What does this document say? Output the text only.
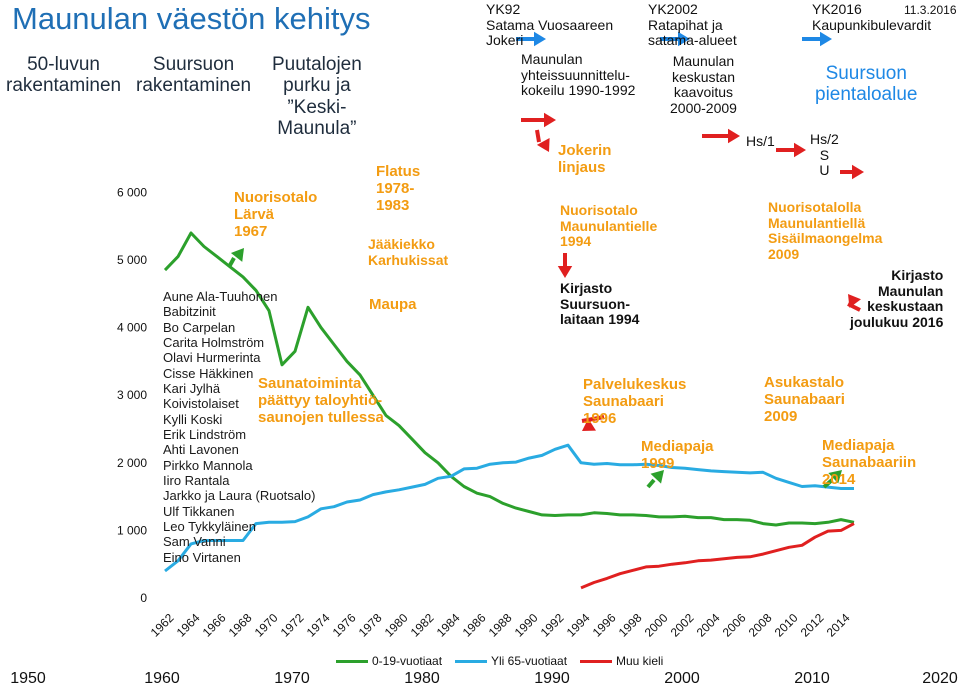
Maunulan väestön kehitys	11.3.2016
50-luvun
rakentaminen
Suursuon
rakentaminen
Puutalojen
purku ja
”Keski-
Maunula”
0
1 000
2 000
3 000
4 000
5 000
6 000
1962
1964
1966
1968
1970
1972
1974
1976
1978
1980
1982
1984
1986
1988
1990
1992
1994
1996
1998
2000
2002
2004
2006
2008
2010
2012
2014
Aune Ala-Tuuhonen
Babitzinit
Bo Carpelan
Carita Holmström
Olavi Hurmerinta
Cisse Häkkinen
Kari Jylhä
Koivistolaiset
Kylli Koski
Erik Lindström
Ahti Lavonen
Pirkko Mannola
Iiro Rantala
Jarkko ja Laura (Ruotsalo)
Ulf Tikkanen
Leo Tykkyläinen
Sam Vanni
Eino Virtanen
Nuorisotalo
Lärvä
1967
Saunatoiminta
päättyy taloyhtiö-
saunojen tullessa
Flatus
1978-
1983
Jääkiekko
Karhukissat
Maupa
Jokerin
linjaus
Nuorisotalo
Maunulantielle
1994
Palvelukeskus
Saunabaari
1996
Mediapaja
1999
Nuorisotalolla
Maunulantiellä
Sisäilmaongelma
2009
Asukastalo
Saunabaari
2009
Mediapaja
Saunabaariin
2014
YK92
Satama Vuosaareen
Jokeri
Maunulan
yhteissuunnittelu-
kokeilu 1990-1992
YK2002
Ratapihat ja
satama-alueet
Maunulan
keskustan
kaavoitus
2000-2009
YK2016
Kaupunkibulevardit
Hs/1	Hs/2
S
U
Kirjasto
Suursuon-
laitaan 1994
Kirjasto
Maunulan
keskustaan
joulukuu 2016
Suursuon
pientaloalue
0-19-vuotiaat	Yli 65-vuotiaat	Muu kieli
1950	1960	1970	1980	1990	2000	2010	2020
